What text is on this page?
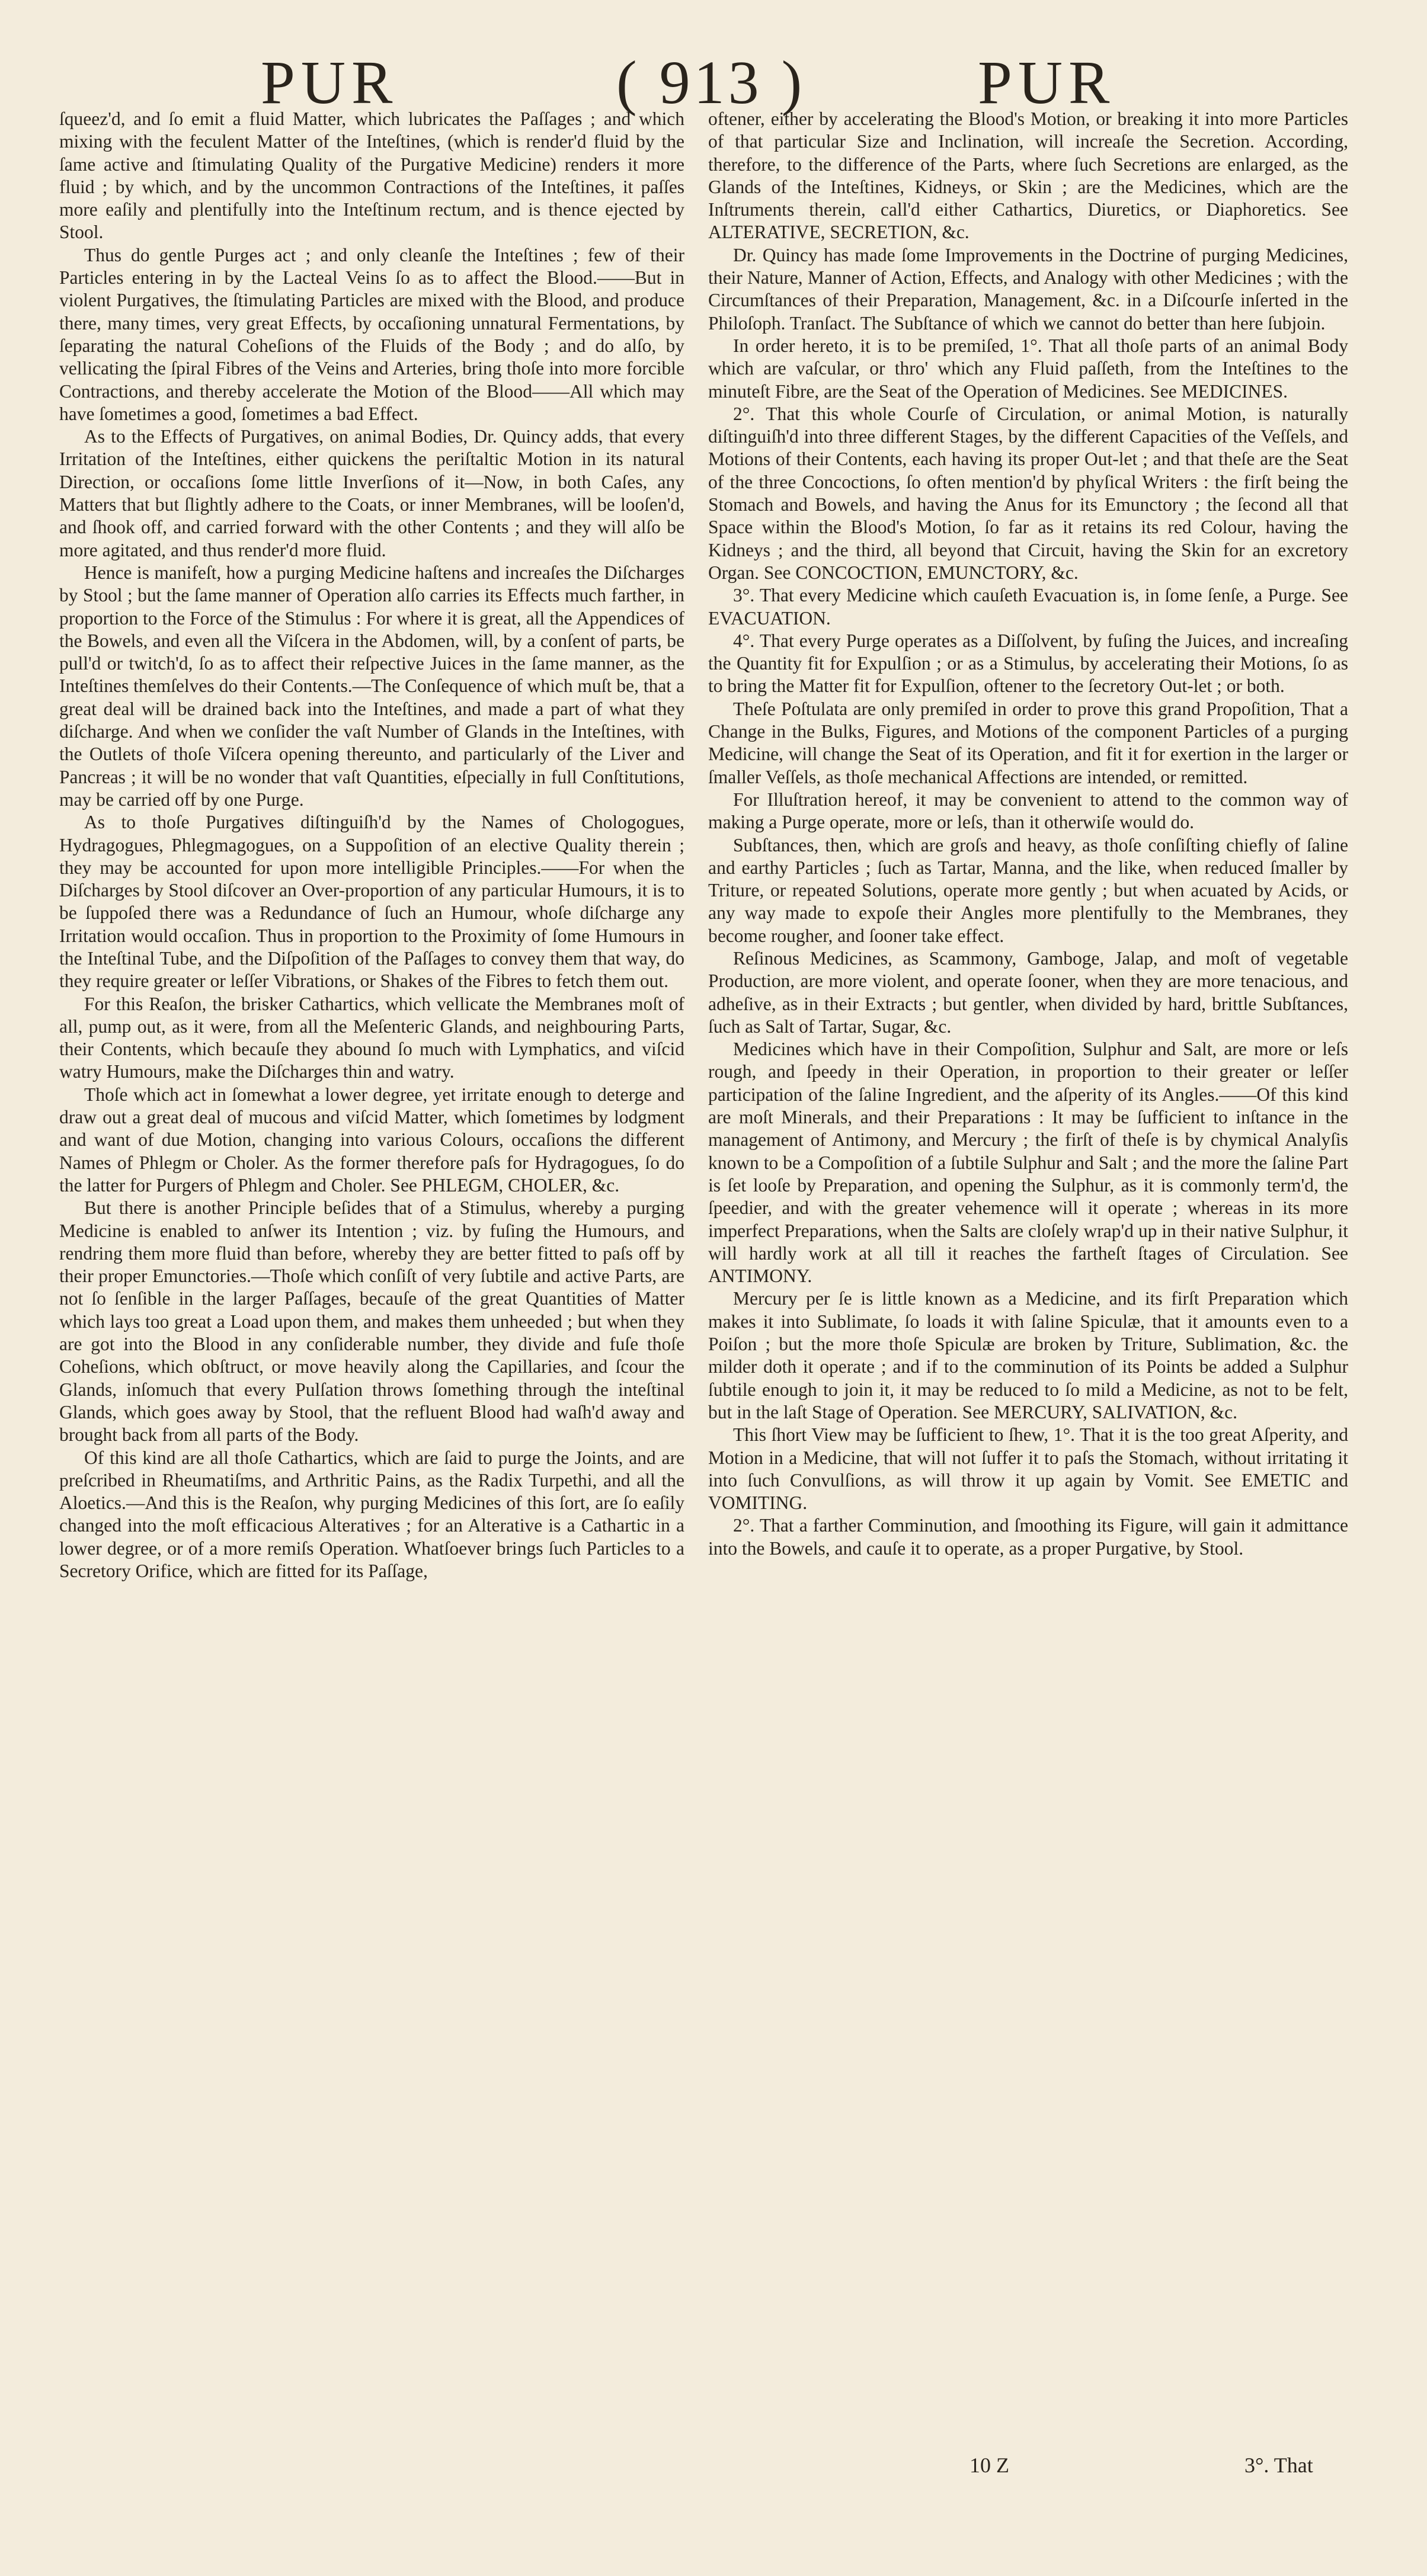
PUR	( 913 )	PUR

ſqueez'd, and ſo emit a fluid Matter, which lubricates the Paſſages ; and which mixing with the feculent Matter of the Inteſtines, (which is render'd fluid by the ſame active and ſtimulating Quality of the Purgative Medicine) renders it more fluid ; by which, and by the uncommon Contractions of the Inteſtines, it paſſes more eaſily and plentifully into the Inteſtinum rectum, and is thence ejected by Stool.

Thus do gentle Purges act ; and only cleanſe the Inteſtines ; few of their Particles entering in by the Lacteal Veins ſo as to affect the Blood.——But in violent Purgatives, the ſtimulating Particles are mixed with the Blood, and produce there, many times, very great Effects, by occaſioning unnatural Fermentations, by ſeparating the natural Coheſions of the Fluids of the Body ; and do alſo, by vellicating the ſpiral Fibres of the Veins and Arteries, bring thoſe into more forcible Contractions, and thereby accelerate the Motion of the Blood——All which may have ſometimes a good, ſometimes a bad Effect.

As to the Effects of Purgatives, on animal Bodies, Dr. Quincy adds, that every Irritation of the Inteſtines, either quickens the periſtaltic Motion in its natural Direction, or occaſions ſome little Inverſions of it—Now, in both Caſes, any Matters that but ſlightly adhere to the Coats, or inner Membranes, will be looſen'd, and ſhook off, and carried forward with the other Contents ; and they will alſo be more agitated, and thus render'd more fluid.

Hence is manifeſt, how a purging Medicine haſtens and increaſes the Diſcharges by Stool ; but the ſame manner of Operation alſo carries its Effects much farther, in proportion to the Force of the Stimulus : For where it is great, all the Appendices of the Bowels, and even all the Viſcera in the Abdomen, will, by a conſent of parts, be pull'd or twitch'd, ſo as to affect their reſpective Juices in the ſame manner, as the Inteſtines themſelves do their Contents.—The Conſequence of which muſt be, that a great deal will be drained back into the Inteſtines, and made a part of what they diſcharge. And when we conſider the vaſt Number of Glands in the Inteſtines, with the Outlets of thoſe Viſcera opening thereunto, and particularly of the Liver and Pancreas ; it will be no wonder that vaſt Quantities, eſpecially in full Conſtitutions, may be carried off by one Purge.

As to thoſe Purgatives diſtinguiſh'd by the Names of Chologogues, Hydragogues, Phlegmagogues, on a Suppoſition of an elective Quality therein ; they may be accounted for upon more intelligible Principles.——For when the Diſcharges by Stool diſcover an Over-proportion of any particular Humours, it is to be ſuppoſed there was a Redundance of ſuch an Humour, whoſe diſcharge any Irritation would occaſion. Thus in proportion to the Proximity of ſome Humours in the Inteſtinal Tube, and the Diſpoſition of the Paſſages to convey them that way, do they require greater or leſſer Vibrations, or Shakes of the Fibres to fetch them out.

For this Reaſon, the brisker Cathartics, which vellicate the Membranes moſt of all, pump out, as it were, from all the Meſenteric Glands, and neighbouring Parts, their Contents, which becauſe they abound ſo much with Lymphatics, and viſcid watry Humours, make the Diſcharges thin and watry.

Thoſe which act in ſomewhat a lower degree, yet irritate enough to deterge and draw out a great deal of mucous and viſcid Matter, which ſometimes by lodgment and want of due Motion, changing into various Colours, occaſions the different Names of Phlegm or Choler. As the former therefore paſs for Hydragogues, ſo do the latter for Purgers of Phlegm and Choler. See PHLEGM, CHOLER, &c.

But there is another Principle beſides that of a Stimulus, whereby a purging Medicine is enabled to anſwer its Intention ; viz. by fuſing the Humours, and rendring them more fluid than before, whereby they are better fitted to paſs off by their proper Emunctories.—Thoſe which conſiſt of very ſubtile and active Parts, are not ſo ſenſible in the larger Paſſages, becauſe of the great Quantities of Matter which lays too great a Load upon them, and makes them unheeded ; but when they are got into the Blood in any conſiderable number, they divide and fuſe thoſe Coheſions, which obſtruct, or move heavily along the Capillaries, and ſcour the Glands, inſomuch that every Pulſation throws ſomething through the inteſtinal Glands, which goes away by Stool, that the refluent Blood had waſh'd away and brought back from all parts of the Body.

Of this kind are all thoſe Cathartics, which are ſaid to purge the Joints, and are preſcribed in Rheumatiſms, and Arthritic Pains, as the Radix Turpethi, and all the Aloetics.—And this is the Reaſon, why purging Medicines of this ſort, are ſo eaſily changed into the moſt efficacious Alteratives ; for an Alterative is a Cathartic in a lower degree, or of a more remiſs Operation. Whatſoever brings ſuch Particles to a Secretory Orifice, which are fitted for its Paſſage,

oftener, either by accelerating the Blood's Motion, or breaking it into more Particles of that particular Size and Inclination, will increaſe the Secretion. According, therefore, to the difference of the Parts, where ſuch Secretions are enlarged, as the Glands of the Inteſtines, Kidneys, or Skin ; are the Medicines, which are the Inſtruments therein, call'd either Cathartics, Diuretics, or Diaphoretics. See ALTERATIVE, SECRETION, &c.

Dr. Quincy has made ſome Improvements in the Doctrine of purging Medicines, their Nature, Manner of Action, Effects, and Analogy with other Medicines ; with the Circumſtances of their Preparation, Management, &c. in a Diſcourſe inſerted in the Philoſoph. Tranſact. The Subſtance of which we cannot do better than here ſubjoin.

In order hereto, it is to be premiſed, 1°. That all thoſe parts of an animal Body which are vaſcular, or thro' which any Fluid paſſeth, from the Inteſtines to the minuteſt Fibre, are the Seat of the Operation of Medicines. See MEDICINES.

2°. That this whole Courſe of Circulation, or animal Motion, is naturally diſtinguiſh'd into three different Stages, by the different Capacities of the Veſſels, and Motions of their Contents, each having its proper Out-let ; and that theſe are the Seat of the three Concoctions, ſo often mention'd by phyſical Writers : the firſt being the Stomach and Bowels, and having the Anus for its Emunctory ; the ſecond all that Space within the Blood's Motion, ſo far as it retains its red Colour, having the Kidneys ; and the third, all beyond that Circuit, having the Skin for an excretory Organ. See CONCOCTION, EMUNCTORY, &c.

3°. That every Medicine which cauſeth Evacuation is, in ſome ſenſe, a Purge. See EVACUATION.

4°. That every Purge operates as a Diſſolvent, by fuſing the Juices, and increaſing the Quantity fit for Expulſion ; or as a Stimulus, by accelerating their Motions, ſo as to bring the Matter fit for Expulſion, oftener to the ſecretory Out-let ; or both.

Theſe Poſtulata are only premiſed in order to prove this grand Propoſition, That a Change in the Bulks, Figures, and Motions of the component Particles of a purging Medicine, will change the Seat of its Operation, and fit it for exertion in the larger or ſmaller Veſſels, as thoſe mechanical Affections are intended, or remitted.

For Illuſtration hereof, it may be convenient to attend to the common way of making a Purge operate, more or leſs, than it otherwiſe would do.

Subſtances, then, which are groſs and heavy, as thoſe conſiſting chiefly of ſaline and earthy Particles ; ſuch as Tartar, Manna, and the like, when reduced ſmaller by Triture, or repeated Solutions, operate more gently ; but when acuated by Acids, or any way made to expoſe their Angles more plentifully to the Membranes, they become rougher, and ſooner take effect.

Reſinous Medicines, as Scammony, Gamboge, Jalap, and moſt of vegetable Production, are more violent, and operate ſooner, when they are more tenacious, and adheſive, as in their Extracts ; but gentler, when divided by hard, brittle Subſtances, ſuch as Salt of Tartar, Sugar, &c.

Medicines which have in their Compoſition, Sulphur and Salt, are more or leſs rough, and ſpeedy in their Operation, in proportion to their greater or leſſer participation of the ſaline Ingredient, and the aſperity of its Angles.——Of this kind are moſt Minerals, and their Preparations : It may be ſufficient to inſtance in the management of Antimony, and Mercury ; the firſt of theſe is by chymical Analyſis known to be a Compoſition of a ſubtile Sulphur and Salt ; and the more the ſaline Part is ſet looſe by Preparation, and opening the Sulphur, as it is commonly term'd, the ſpeedier, and with the greater vehemence will it operate ; whereas in its more imperfect Preparations, when the Salts are cloſely wrap'd up in their native Sulphur, it will hardly work at all till it reaches the fartheſt ſtages of Circulation. See ANTIMONY.

Mercury per ſe is little known as a Medicine, and its firſt Preparation which makes it into Sublimate, ſo loads it with ſaline Spiculæ, that it amounts even to a Poiſon ; but the more thoſe Spiculæ are broken by Triture, Sublimation, &c. the milder doth it operate ; and if to the comminution of its Points be added a Sulphur ſubtile enough to join it, it may be reduced to ſo mild a Medicine, as not to be felt, but in the laſt Stage of Operation. See MERCURY, SALIVATION, &c.

This ſhort View may be ſufficient to ſhew, 1°. That it is the too great Aſperity, and Motion in a Medicine, that will not ſuffer it to paſs the Stomach, without irritating it into ſuch Convulſions, as will throw it up again by Vomit. See EMETIC and VOMITING.

2°. That a farther Comminution, and ſmoothing its Figure, will gain it admittance into the Bowels, and cauſe it to operate, as a proper Purgative, by Stool.

10 Z	3°. That
